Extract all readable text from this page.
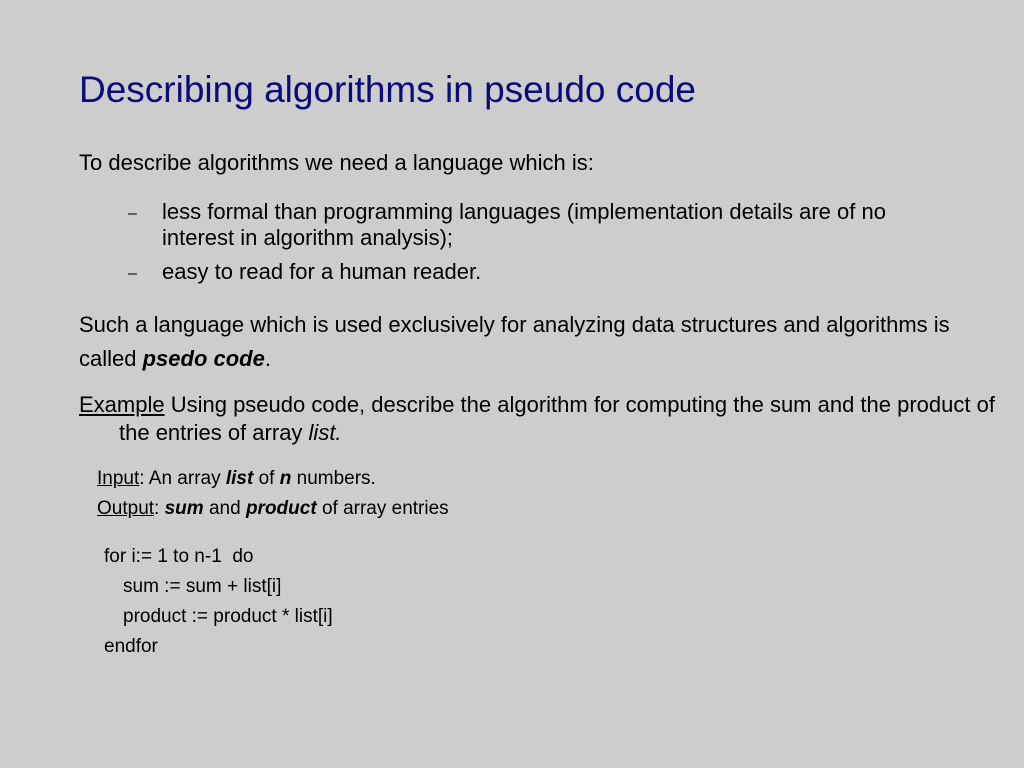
Describing algorithms in pseudo code

To describe algorithms we need a language which is:

– less formal than programming languages (implementation details are of no interest in algorithm analysis);
– easy to read for a human reader.

Such a language which is used exclusively for analyzing data structures and algorithms is called psedo code.

Example Using pseudo code, describe the algorithm for computing the sum and the product of the entries of array list.

Input: An array list of n numbers.

Output: sum and product of array entries

for i:= 1 to n-1  do
sum := sum + list[i]
product := product * list[i]
endfor
